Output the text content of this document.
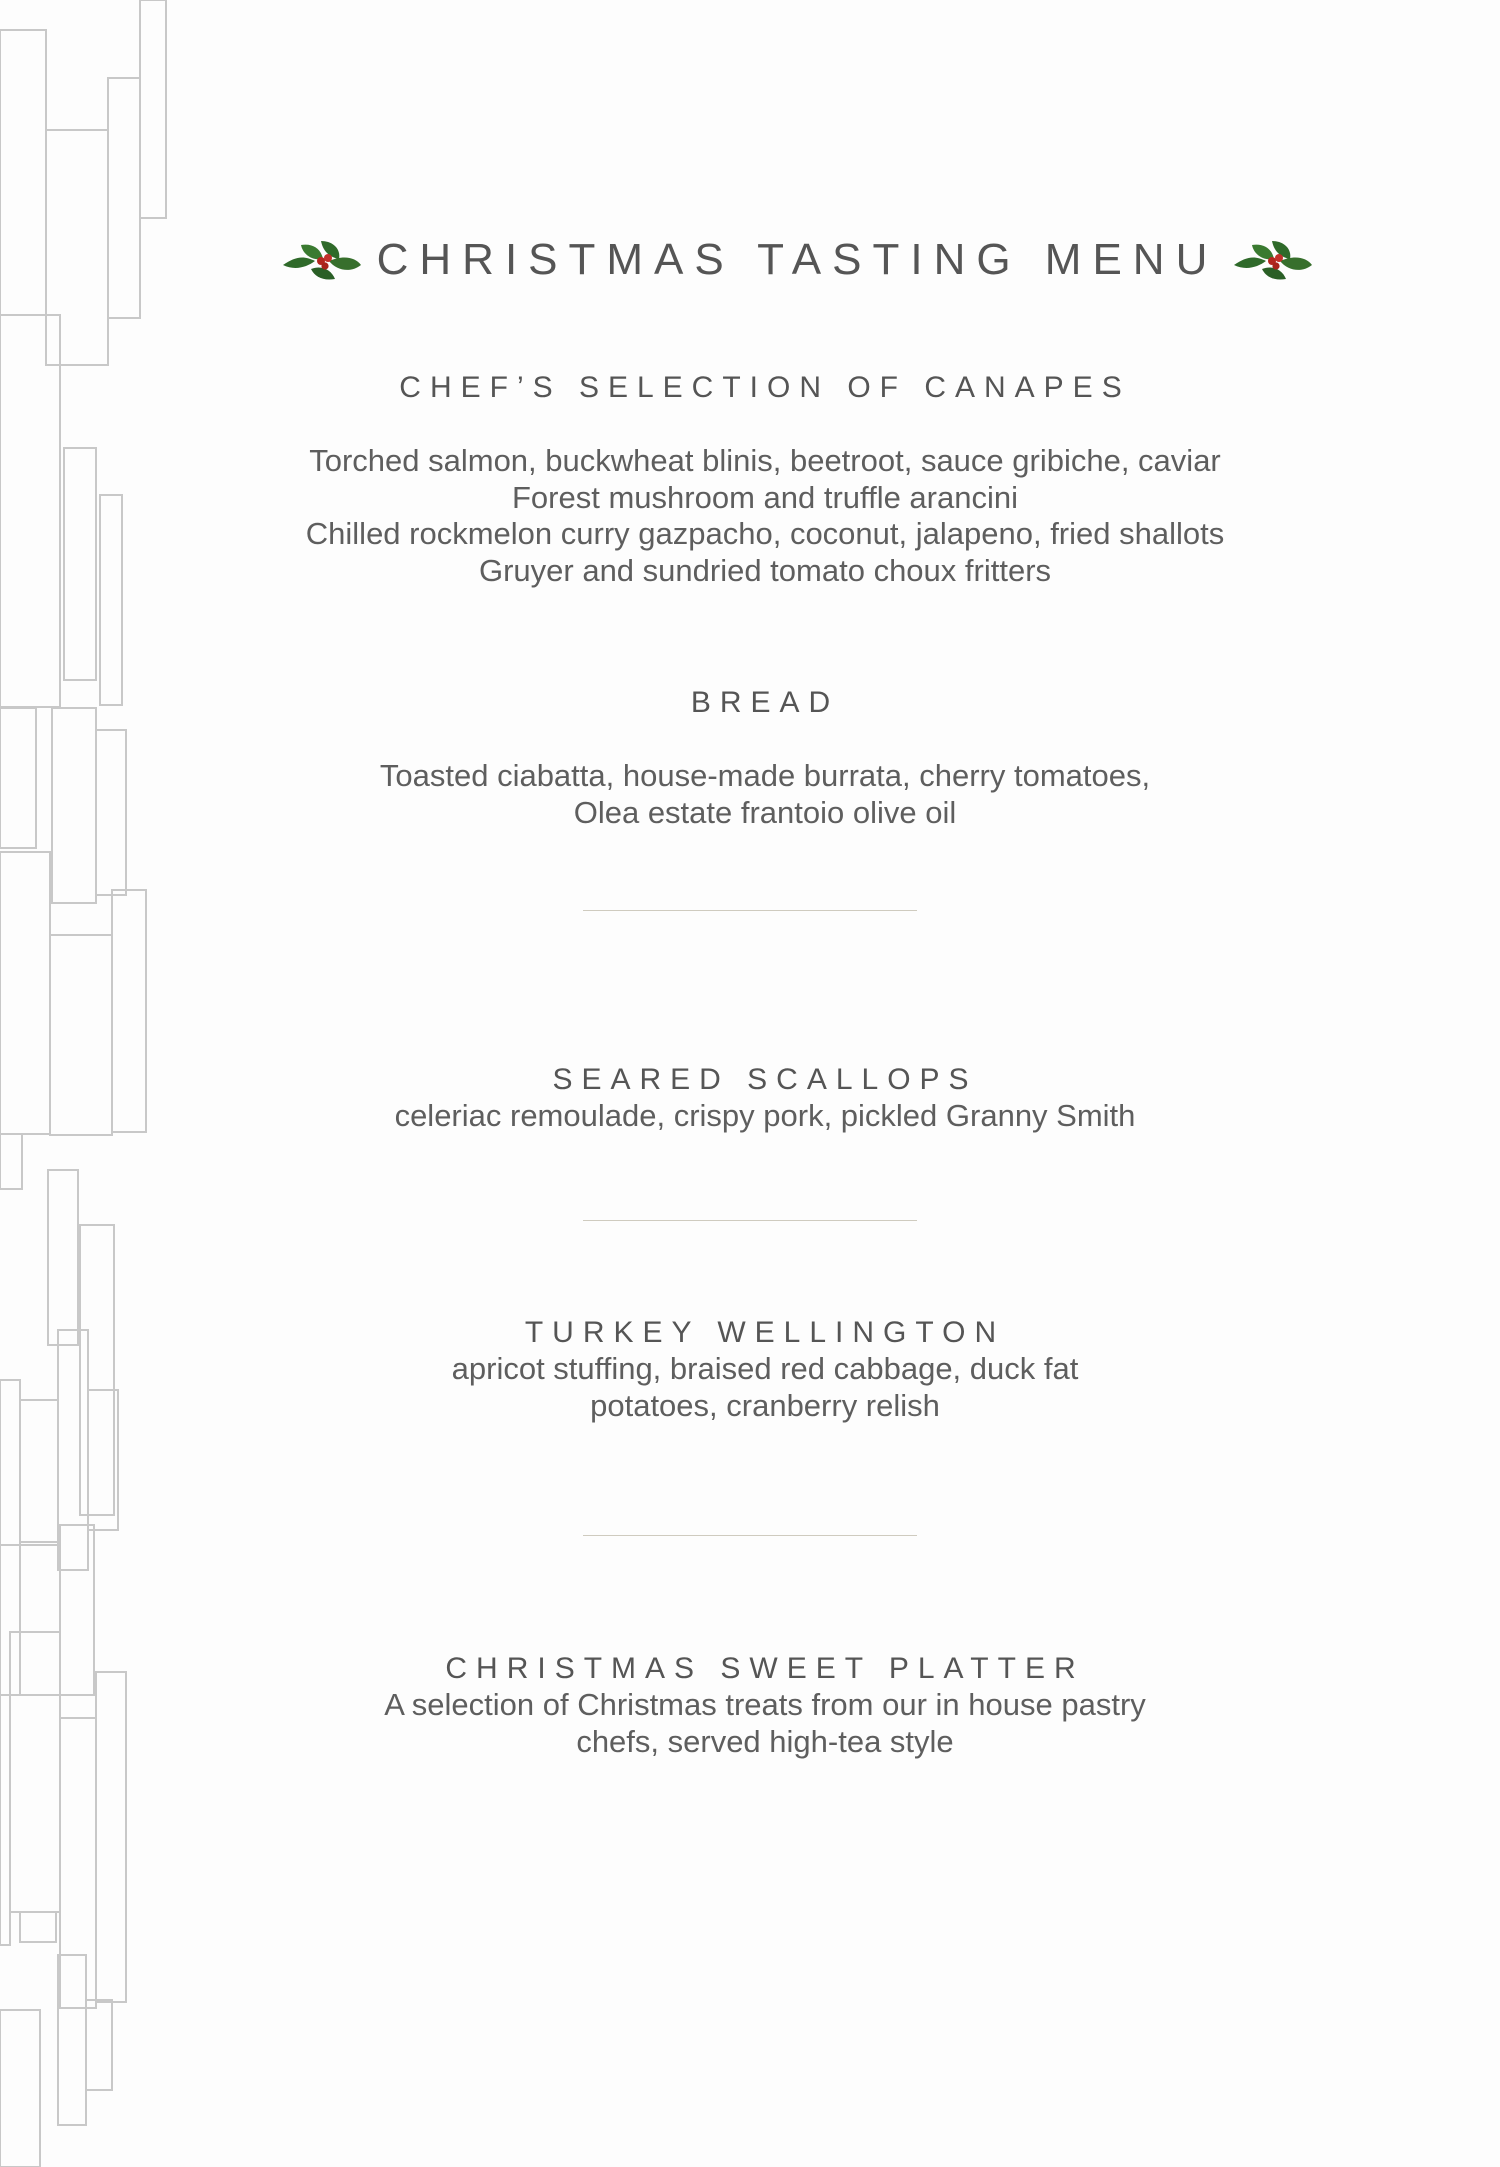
CHRISTMAS TASTING MENU
CHEF’S SELECTION OF CANAPES
Torched salmon, buckwheat blinis, beetroot, sauce gribiche, caviar
Forest mushroom and truffle arancini
Chilled rockmelon curry gazpacho, coconut, jalapeno, fried shallots
Gruyer and sundried tomato choux fritters
BREAD
Toasted ciabatta, house-made burrata, cherry tomatoes,
Olea estate frantoio olive oil
SEARED SCALLOPS
celeriac remoulade, crispy pork, pickled Granny Smith
TURKEY WELLINGTON
apricot stuffing, braised red cabbage, duck fat
potatoes, cranberry relish
CHRISTMAS SWEET PLATTER
A selection of Christmas treats from our in house pastry
chefs, served high-tea style
